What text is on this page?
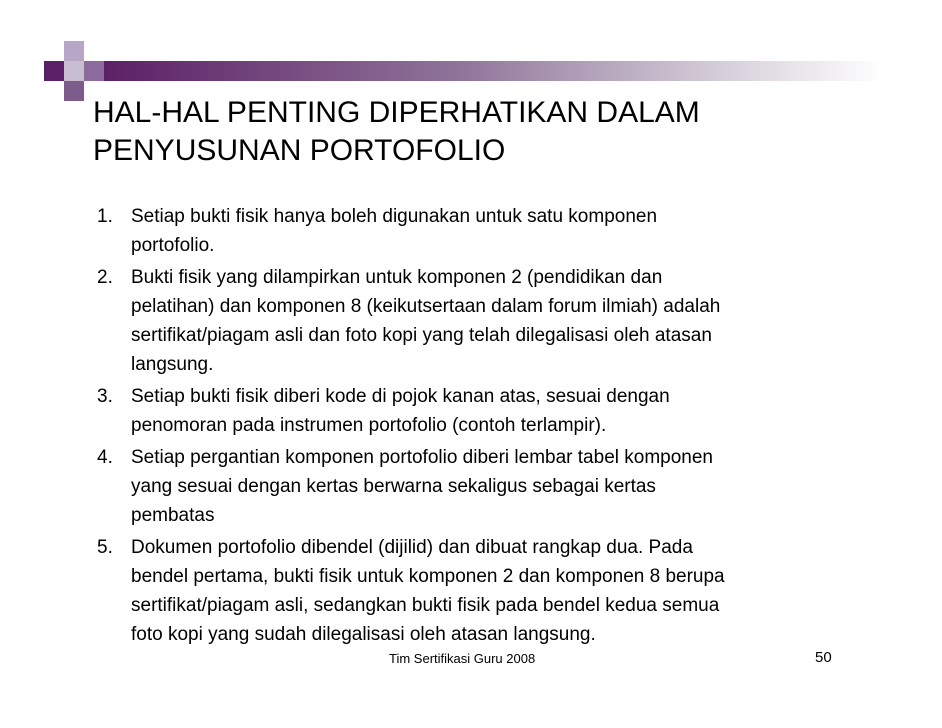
HAL-HAL PENTING DIPERHATIKAN DALAM
PENYUSUNAN PORTOFOLIO
1. Setiap bukti fisik hanya boleh digunakan untuk satu komponen
portofolio.
2. Bukti fisik yang dilampirkan untuk komponen 2 (pendidikan dan
pelatihan) dan komponen 8 (keikutsertaan dalam forum ilmiah) adalah
sertifikat/piagam asli dan foto kopi yang telah dilegalisasi oleh atasan
langsung.
3. Setiap bukti fisik diberi kode di pojok kanan atas, sesuai dengan
penomoran pada instrumen portofolio (contoh terlampir).
4. Setiap pergantian komponen portofolio diberi lembar tabel komponen
yang sesuai dengan kertas berwarna sekaligus sebagai kertas
pembatas
5. Dokumen portofolio dibendel (dijilid) dan dibuat rangkap dua. Pada
bendel pertama, bukti fisik untuk komponen 2 dan komponen 8 berupa
sertifikat/piagam asli, sedangkan bukti fisik pada bendel kedua semua
foto kopi yang sudah dilegalisasi oleh atasan langsung.
Tim Sertifikasi Guru 2008	50
